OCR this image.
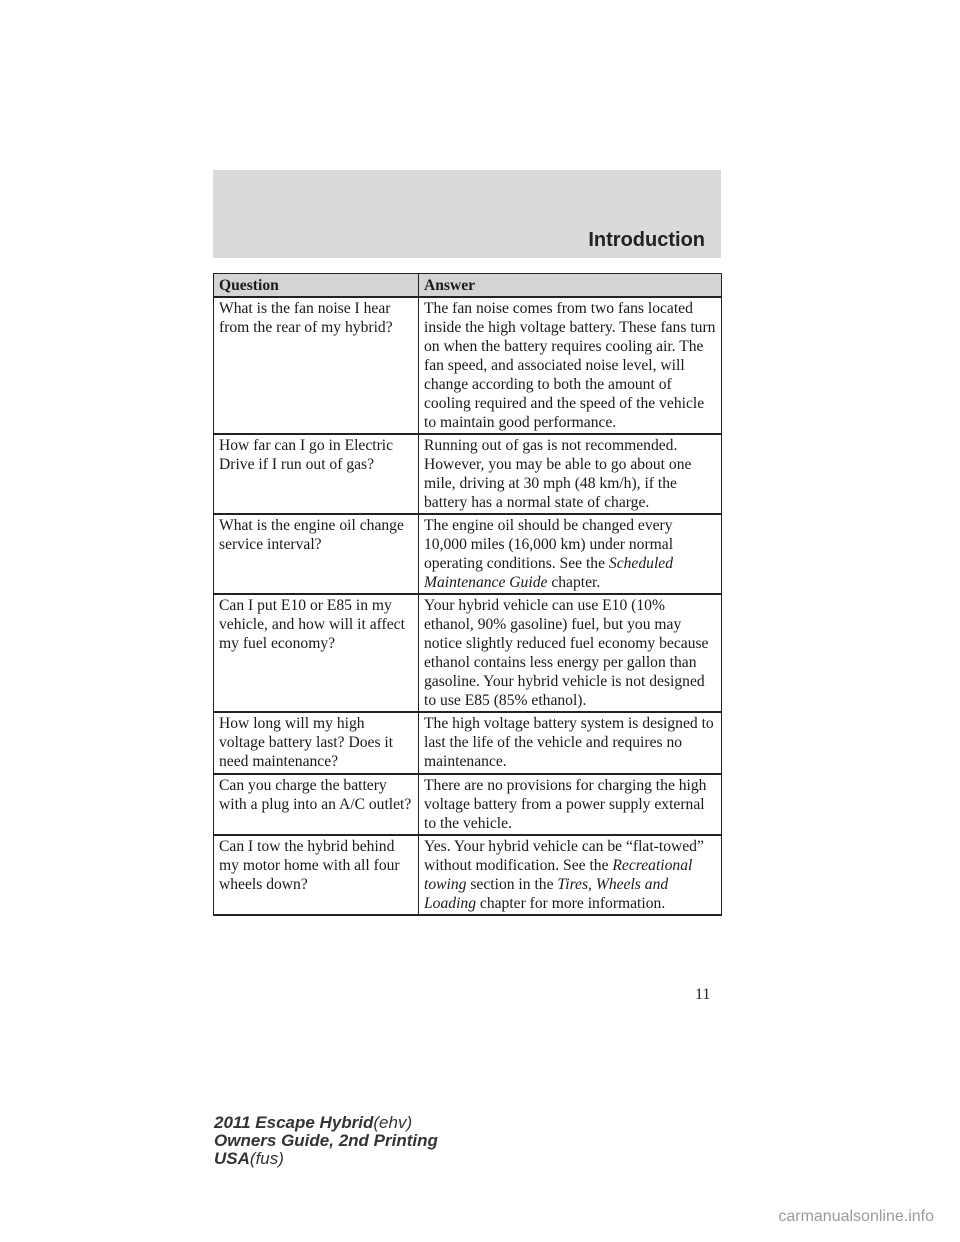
Introduction
Question	Answer
What is the fan noise I hear from the rear of my hybrid?	The fan noise comes from two fans located inside the high voltage battery. These fans turn on when the battery requires cooling air. The fan speed, and associated noise level, will change according to both the amount of cooling required and the speed of the vehicle to maintain good performance.
How far can I go in Electric Drive if I run out of gas?	Running out of gas is not recommended. However, you may be able to go about one mile, driving at 30 mph (48 km/h), if the battery has a normal state of charge.
What is the engine oil change service interval?	The engine oil should be changed every 10,000 miles (16,000 km) under normal operating conditions. See the Scheduled Maintenance Guide chapter.
Can I put E10 or E85 in my vehicle, and how will it affect my fuel economy?	Your hybrid vehicle can use E10 (10% ethanol, 90% gasoline) fuel, but you may notice slightly reduced fuel economy because ethanol contains less energy per gallon than gasoline. Your hybrid vehicle is not designed to use E85 (85% ethanol).
How long will my high voltage battery last? Does it need maintenance?	The high voltage battery system is designed to last the life of the vehicle and requires no maintenance.
Can you charge the battery with a plug into an A/C outlet?	There are no provisions for charging the high voltage battery from a power supply external to the vehicle.
Can I tow the hybrid behind my motor home with all four wheels down?	Yes. Your hybrid vehicle can be “flat-towed” without modification. See the Recreational towing section in the Tires, Wheels and Loading chapter for more information.
11
2011 Escape Hybrid(ehv)
Owners Guide, 2nd Printing
USA(fus)
carmanualsonline.info
